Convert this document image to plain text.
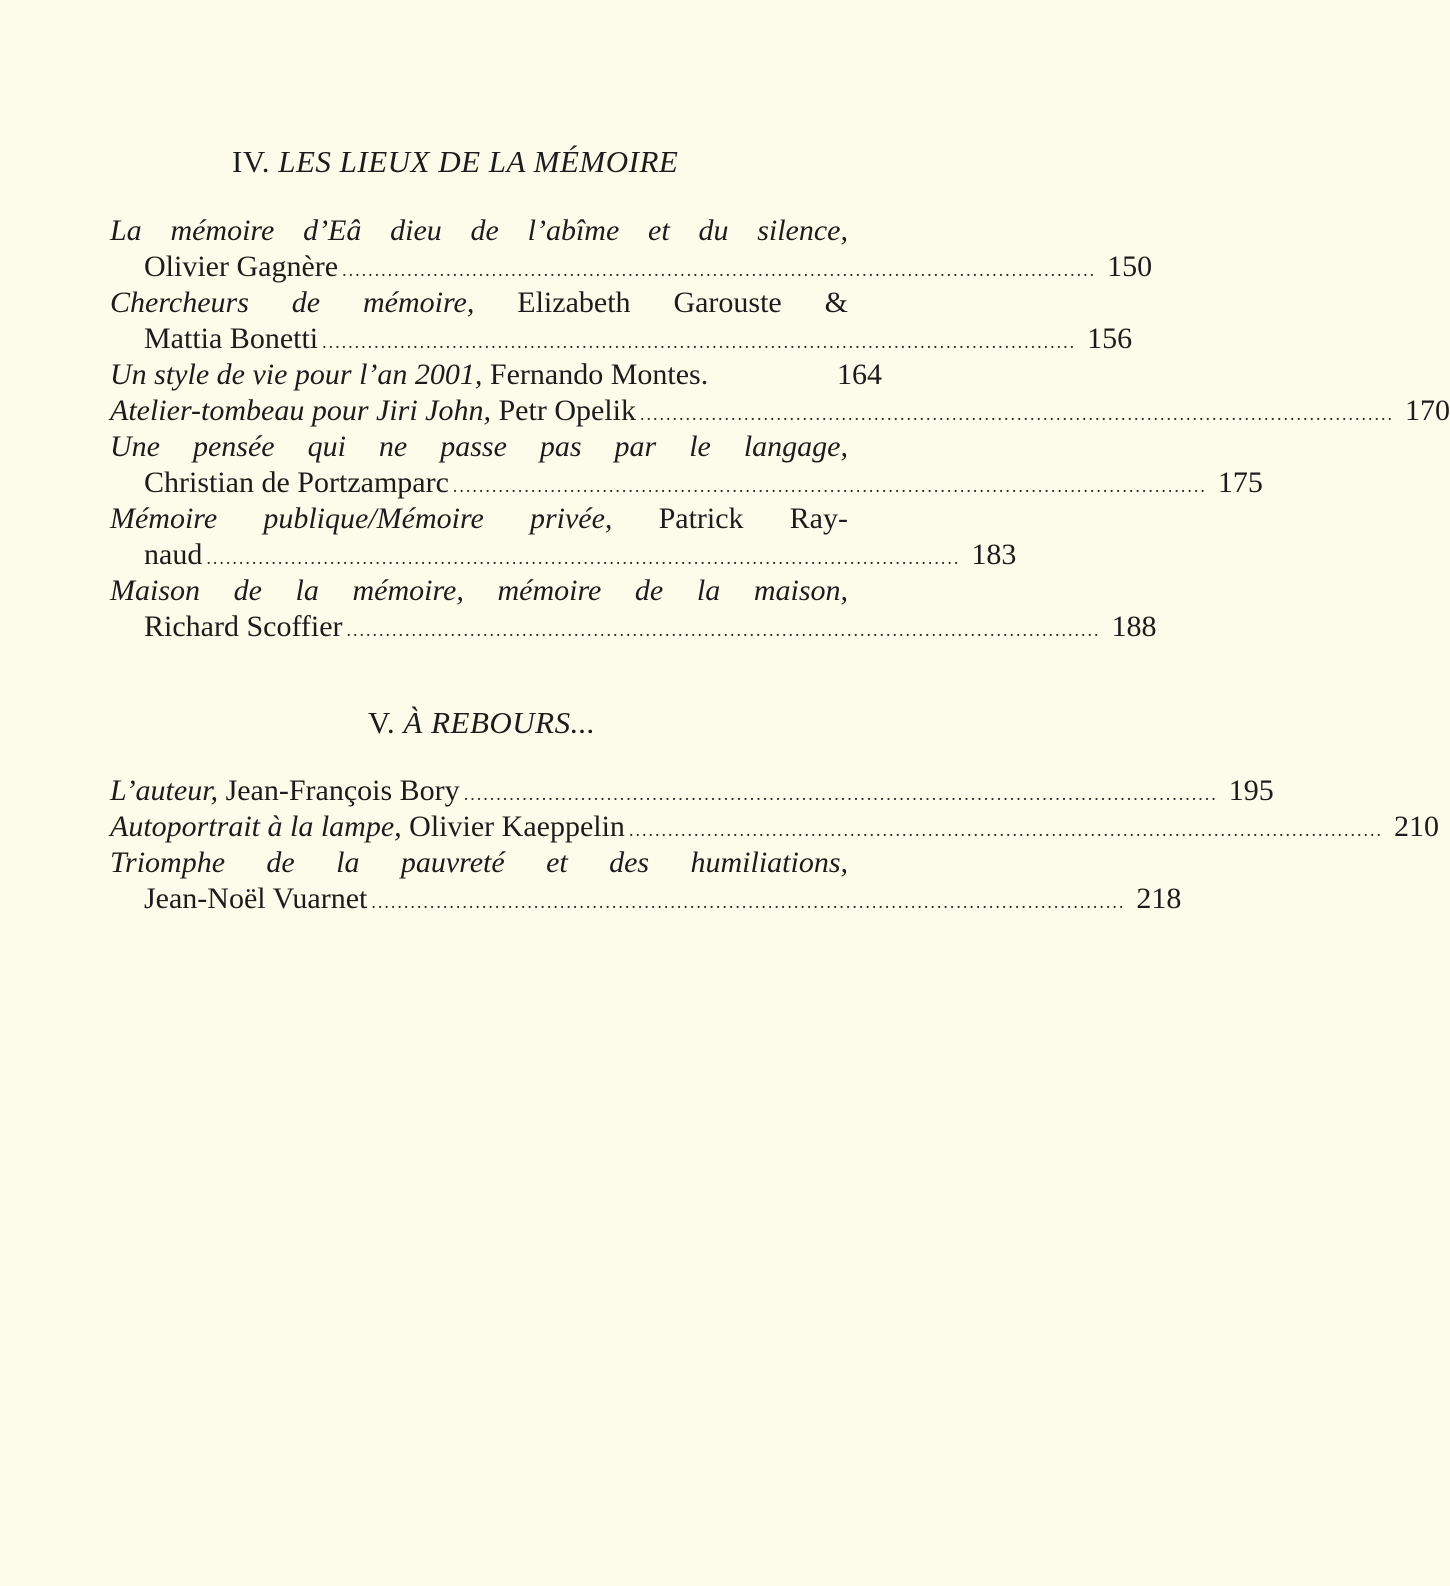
IV. LES LIEUX DE LA MÉMOIRE
La mémoire d’Eâ dieu de l’abîme et du silence,
Olivier Gagnère .................................................................................................................... 150
Chercheurs de mémoire, Elizabeth Garouste &
Mattia Bonetti .................................................................................................................... 156
Un style de vie pour l’an 2001, Fernando Montes.	164
Atelier-tombeau pour Jiri John, Petr Opelik .................................................................................................................... 170
Une pensée qui ne passe pas par le langage,
Christian de Portzamparc .................................................................................................................... 175
Mémoire publique/Mémoire privée, Patrick Ray-
naud .................................................................................................................... 183
Maison de la mémoire, mémoire de la maison,
Richard Scoffier .................................................................................................................... 188
V. À REBOURS...
L’auteur, Jean-François Bory .................................................................................................................... 195
Autoportrait à la lampe, Olivier Kaeppelin .................................................................................................................... 210
Triomphe de la pauvreté et des humiliations,
Jean-Noël Vuarnet .................................................................................................................... 218
